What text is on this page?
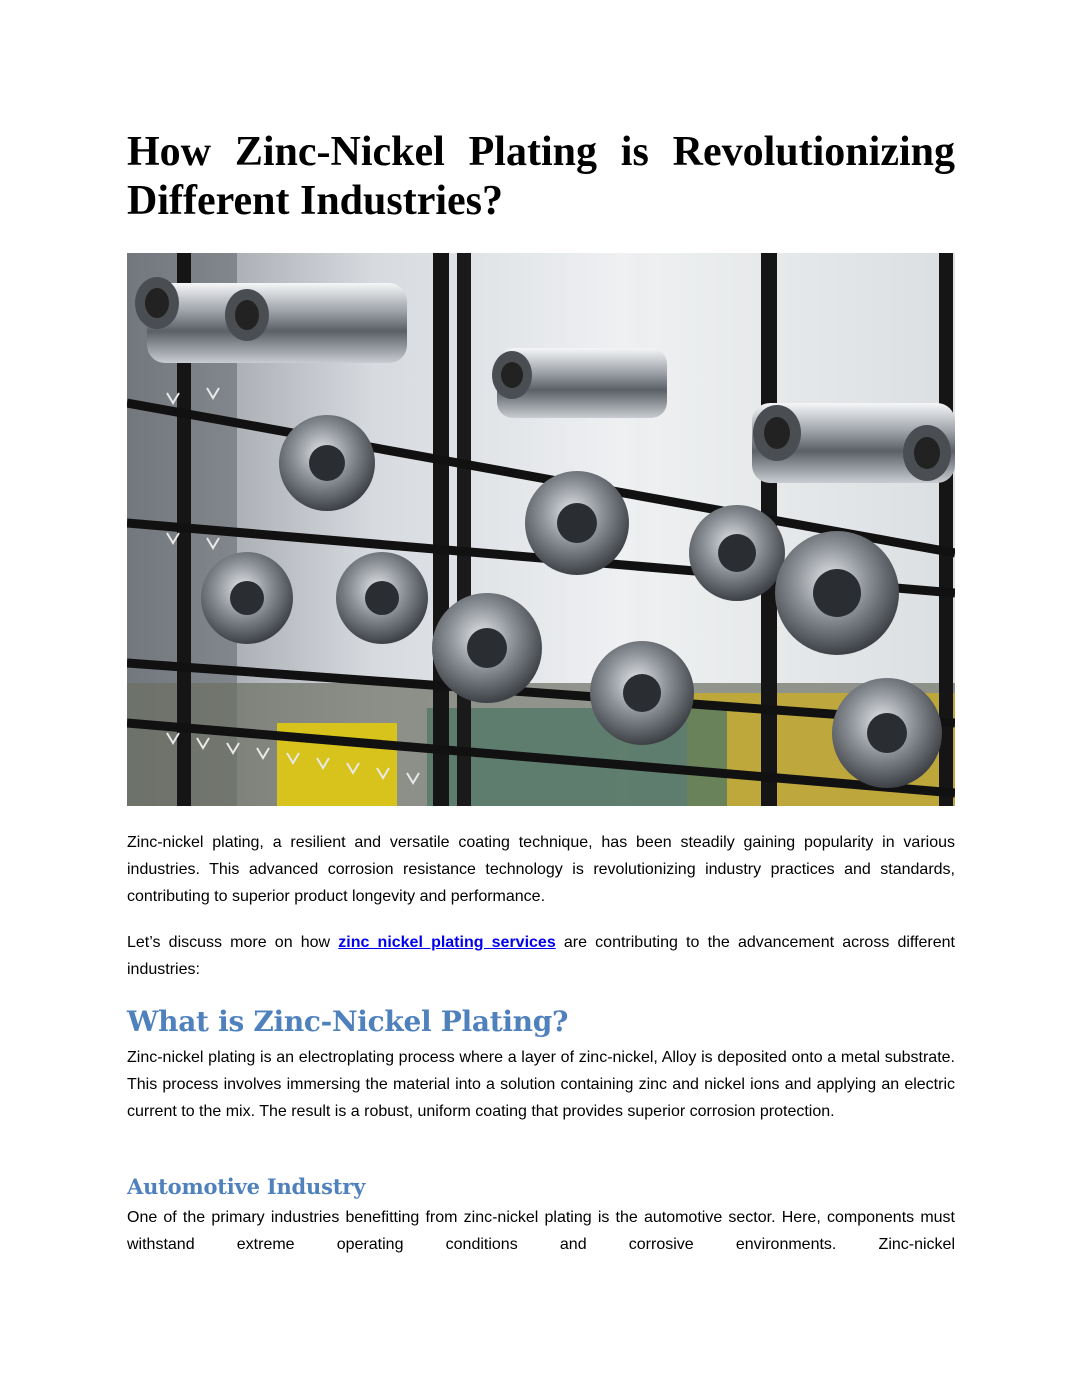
How Zinc-Nickel Plating is Revolutionizing Different Industries?

Zinc-nickel plating, a resilient and versatile coating technique, has been steadily gaining popularity in various industries. This advanced corrosion resistance technology is revolutionizing industry practices and standards, contributing to superior product longevity and performance.

Let’s discuss more on how zinc nickel plating services are contributing to the advancement across different industries:

What is Zinc-Nickel Plating?

Zinc-nickel plating is an electroplating process where a layer of zinc-nickel, Alloy is deposited onto a metal substrate. This process involves immersing the material into a solution containing zinc and nickel ions and applying an electric current to the mix. The result is a robust, uniform coating that provides superior corrosion protection.

Automotive Industry

One of the primary industries benefitting from zinc-nickel plating is the automotive sector. Here, components must withstand extreme operating conditions and corrosive environments. Zinc-nickel
